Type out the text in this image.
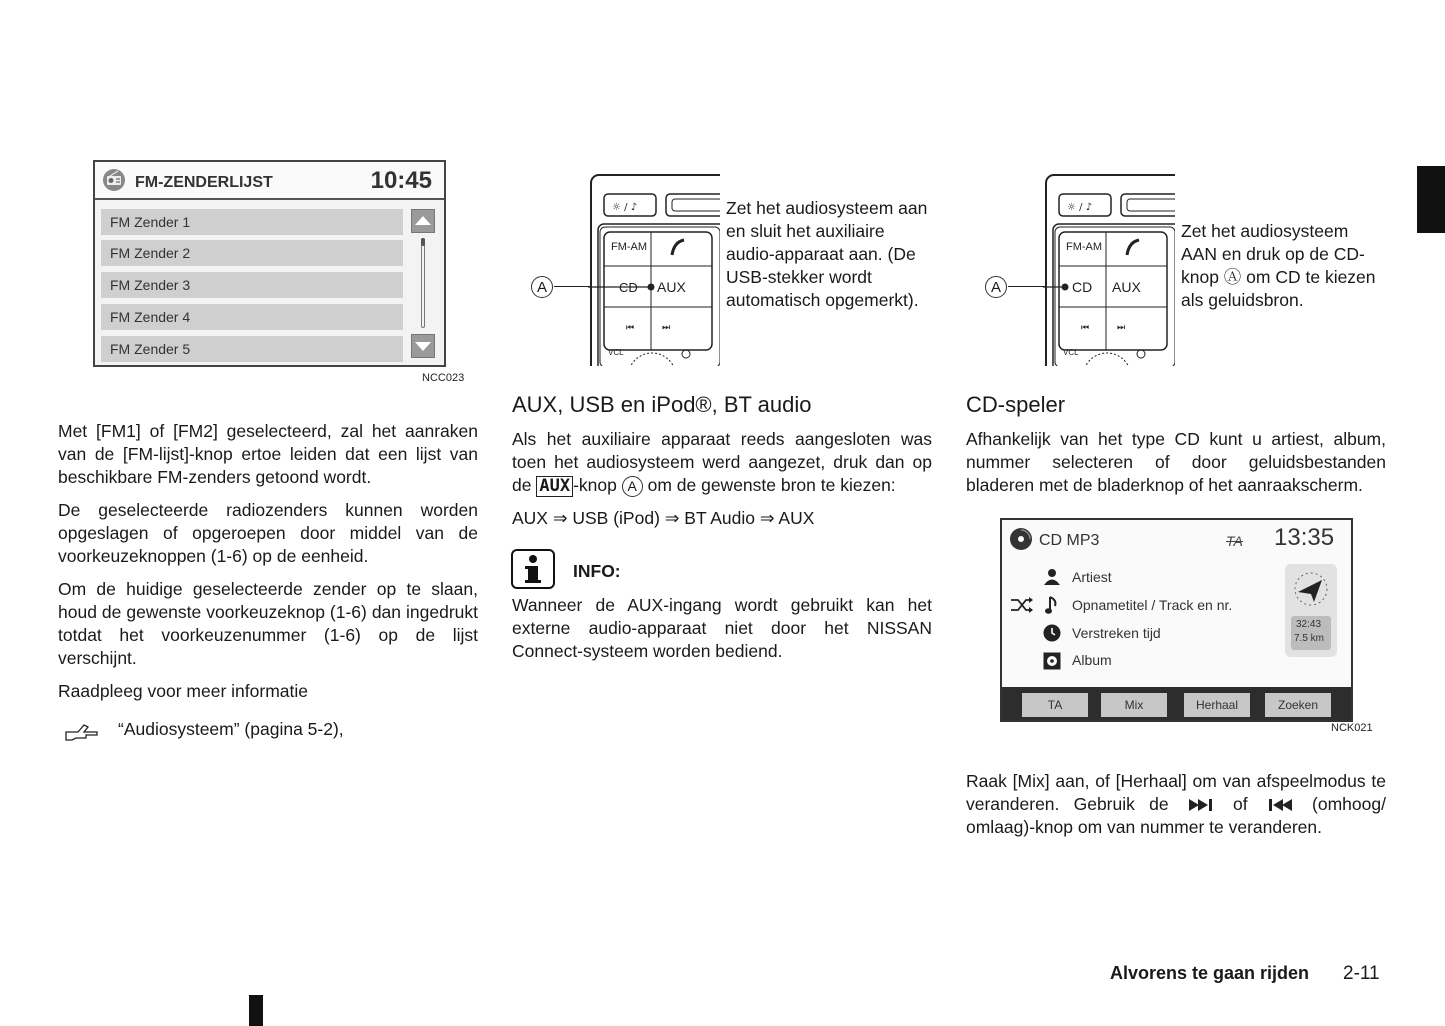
FM-ZENDERLIJST	10:45
FM Zender 1
FM Zender 2
FM Zender 3
FM Zender 4
FM Zender 5
NCC023

Met [FM1] of [FM2] geselecteerd, zal het aanraken van de [FM-lijst]-knop ertoe leiden dat een lijst van beschikbare FM-zenders getoond wordt.

De geselecteerde radiozenders kunnen worden opgeslagen of opgeroepen door middel van de voorkeuzeknoppen (1-6) op de eenheid.

Om de huidige geselecteerde zender op te slaan, houd de gewenste voorkeuzeknop (1-6) dan ingedrukt totdat het voorkeuzenummer (1-6) op de lijst verschijnt.

Raadpleeg voor meer informatie

“Audiosysteem” (pagina 5-2),
☼ / ♪
⏮	⏭
FM-AM
CD AUX
VCL
A
Zet het audiosysteem aan en sluit het auxiliaire audio-apparaat aan. (De USB-stekker wordt automatisch opgemerkt).
AUX, USB en iPod®, BT audio
Als het auxiliaire apparaat reeds aangesloten was toen het audiosysteem werd aangezet, druk dan op de AUX -knop A om de gewenste bron te kiezen:
AUX ⇒ USB (iPod) ⇒ BT Audio ⇒ AUX
INFO:
Wanneer de AUX-ingang wordt gebruikt kan het externe audio-apparaat niet door het NISSAN Connect-systeem worden bediend.
☼ / ♪
⏮	⏭
FM-AM
CD AUX
VCL
A
Zet het audiosysteem AAN en druk op de CD-knop Ⓐ om CD te kiezen als geluidsbron.
CD-speler
Afhankelijk van het type CD kunt u artiest, album, nummer selecteren of door geluidsbestanden bladeren met de bladerknop of het aanraakscherm.
CD MP3	TA 13:35
Artiest
Opnametitel / Track en nr.
Verstreken tijd
Album
32:43
7.5 km
TA	Mix	Herhaal	Zoeken
NCK021
Raak [Mix] aan, of [Herhaal] om van afspeelmodus te veranderen. Gebruik de	of	(omhoog/ omlaag)-knop om van nummer te veranderen.
Alvorens te gaan rijden 2-11
